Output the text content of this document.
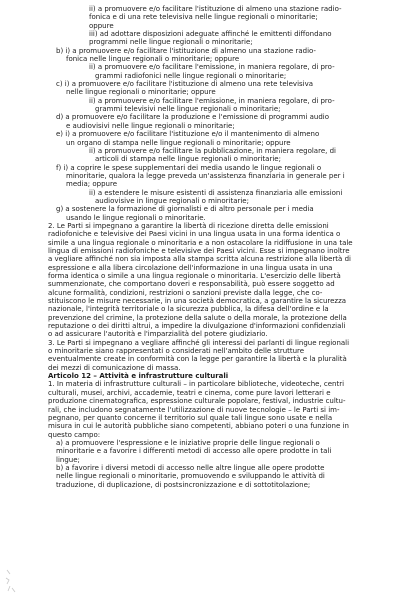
ii) a promuovere e/o facilitare l'istituzione di almeno una stazione radio-
fonica e di una rete televisiva nelle lingue regionali o minoritarie;
oppure
iii) ad adottare disposizioni adeguate affinché le emittenti diffondano
programmi nelle lingue regionali o minoritarie;
b) i) a promuovere e/o facilitare l'istituzione di almeno una stazione radio-
fonica nelle lingue regionali o minoritarie; oppure
ii) a promuovere e/o facilitare l'emissione, in maniera regolare, di pro-
grammi radiofonici nelle lingue regionali o minoritarie;
c) i) a promuovere e/o facilitare l'istituzione di almeno una rete televisiva
nelle lingue regionali o minoritarie; oppure
ii) a promuovere e/o facilitare l'emissione, in maniera regolare, di pro-
grammi televisivi nelle lingue regionali o minoritarie;
d) a promuovere e/o facilitare la produzione e l'emissione di programmi audio
e audiovisivi nelle lingue regionali o minoritarie;
e) i) a promuovere e/o facilitare l'istituzione e/o il mantenimento di almeno
un organo di stampa nelle lingue regionali o minoritarie; oppure
ii) a promuovere e/o facilitare la pubblicazione, in maniera regolare, di
articoli di stampa nelle lingue regionali o minoritarie;
f) i) a coprire le spese supplementari dei media usando le lingue regionali o
minoritarie, qualora la legge preveda un'assistenza finanziaria in generale per i
media; oppure
ii) a estendere le misure esistenti di assistenza finanziaria alle emissioni
audiovisive in lingue regionali o minoritarie;
g) a sostenere la formazione di giornalisti e di altro personale per i media
usando le lingue regionali o minoritarie.
2. Le Parti si impegnano a garantire la libertà di ricezione diretta delle emissioni
radiofoniche e televisive dei Paesi vicini in una lingua usata in una forma identica o
simile a una lingua regionale o minoritaria e a non ostacolare la ridiffusione in una tale
lingua di emissioni radiofoniche e televisive dei Paesi vicini. Esse si impegnano inoltre
a vegliare affinché non sia imposta alla stampa scritta alcuna restrizione alla libertà di
espressione e alla libera circolazione dell'informazione in una lingua usata in una
forma identica o simile a una lingua regionale o minoritaria. L'esercizio delle libertà
summenzionate, che comportano doveri e responsabilità, può essere soggetto ad
alcune formalità, condizioni, restrizioni o sanzioni previste dalla legge, che co-
stituiscono le misure necessarie, in una società democratica, a garantire la sicurezza
nazionale, l'integrità territoriale o la sicurezza pubblica, la difesa dell'ordine e la
prevenzione del crimine, la protezione della salute o della morale, la protezione della
reputazione o dei diritti altrui, a impedire la divulgazione d'informazioni confidenziali
o ad assicurare l'autorità e l'imparzialità del potere giudiziario.
3. Le Parti si impegnano a vegliare affinché gli interessi dei parlanti di lingue regionali
o minoritarie siano rappresentati o considerati nell'ambito delle strutture
eventualmente create in conformità con la legge per garantire la libertà e la pluralità
dei mezzi di comunicazione di massa.
Articolo 12 – Attività e infrastrutture culturali
1. In materia di infrastrutture culturali – in particolare biblioteche, videoteche, centri
culturali, musei, archivi, accademie, teatri e cinema, come pure lavori letterari e
produzione cinematografica, espressione culturale popolare, festival, industrie cultu-
rali, che includono segnatamente l'utilizzazione di nuove tecnologie – le Parti si im-
pegnano, per quanto concerne il territorio sul quale tali lingue sono usate e nella
misura in cui le autorità pubbliche siano competenti, abbiano poteri o una funzione in
questo campo:
a) a promuovere l'espressione e le iniziative proprie delle lingue regionali o
minoritarie e a favorire i differenti metodi di accesso alle opere prodotte in tali
lingue;
b) a favorire i diversi metodi di accesso nelle altre lingue alle opere prodotte
nelle lingue regionali o minoritarie, promuovendo e sviluppando le attività di
traduzione, di duplicazione, di postsincronizzazione e di sottotitolazione;
